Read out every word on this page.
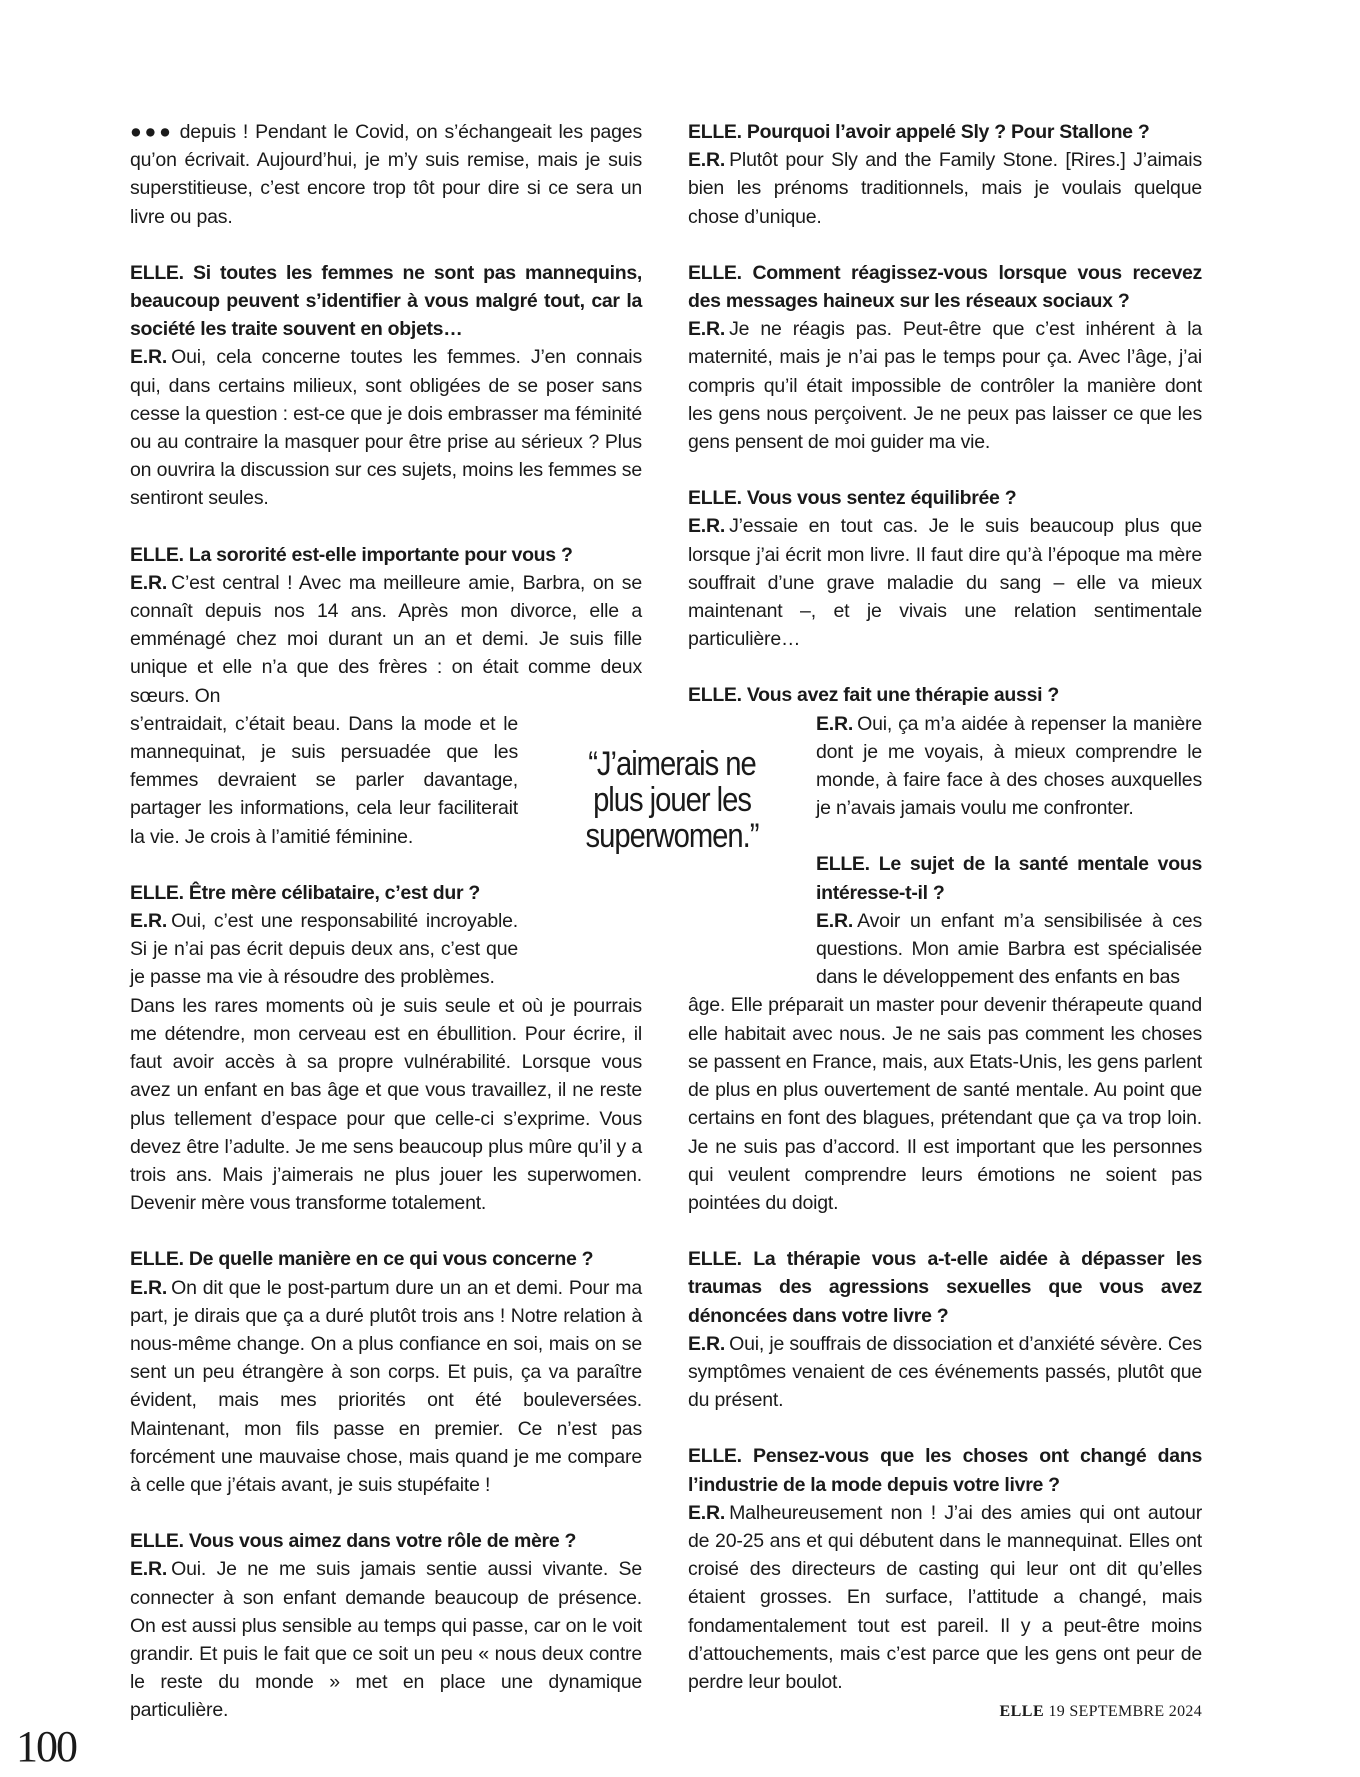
●●● depuis ! Pendant le Covid, on s’échangeait les pages qu’on écrivait. Aujourd’hui, je m’y suis remise, mais je suis superstitieuse, c’est encore trop tôt pour dire si ce sera un livre ou pas.

ELLE. Si toutes les femmes ne sont pas mannequins, beaucoup peuvent s’identifier à vous malgré tout, car la société les traite souvent en objets…
E.R. Oui, cela concerne toutes les femmes. J’en connais qui, dans certains milieux, sont obligées de se poser sans cesse la question : est-ce que je dois embrasser ma féminité ou au contraire la masquer pour être prise au sérieux ? Plus on ouvrira la discussion sur ces sujets, moins les femmes se sentiront seules.

ELLE. La sororité est-elle importante pour vous ?
E.R. C’est central ! Avec ma meilleure amie, Barbra, on se connaît depuis nos 14 ans. Après mon divorce, elle a emménagé chez moi durant un an et demi. Je suis fille unique et elle n’a que des frères : on était comme deux sœurs. On

s’entraidait, c’était beau. Dans la mode et le mannequinat, je suis persuadée que les femmes devraient se parler davantage, partager les informations, cela leur faciliterait la vie. Je crois à l’amitié féminine.

ELLE. Être mère célibataire, c’est dur ?
E.R. Oui, c’est une responsabilité incroyable. Si je n’ai pas écrit depuis deux ans, c’est que je passe ma vie à résoudre des problèmes.

Dans les rares moments où je suis seule et où je pourrais me détendre, mon cerveau est en ébullition. Pour écrire, il faut avoir accès à sa propre vulnérabilité. Lorsque vous avez un enfant en bas âge et que vous travaillez, il ne reste plus tellement d’espace pour que celle-ci s’exprime. Vous devez être l’adulte. Je me sens beaucoup plus mûre qu’il y a trois ans. Mais j’aimerais ne plus jouer les superwomen. Devenir mère vous transforme totalement.

ELLE. De quelle manière en ce qui vous concerne ?
E.R. On dit que le post-partum dure un an et demi. Pour ma part, je dirais que ça a duré plutôt trois ans ! Notre relation à nous-même change. On a plus confiance en soi, mais on se sent un peu étrangère à son corps. Et puis, ça va paraître évident, mais mes priorités ont été bouleversées. Maintenant, mon fils passe en premier. Ce n’est pas forcément une mauvaise chose, mais quand je me compare à celle que j’étais avant, je suis stupéfaite !

ELLE. Vous vous aimez dans votre rôle de mère ?
E.R. Oui. Je ne me suis jamais sentie aussi vivante. Se connecter à son enfant demande beaucoup de présence. On est aussi plus sensible au temps qui passe, car on le voit grandir. Et puis le fait que ce soit un peu « nous deux contre le reste du monde » met en place une dynamique particulière.

“J’aimerais ne plus jouer les superwomen.”

ELLE. Pourquoi l’avoir appelé Sly ? Pour Stallone ?
E.R. Plutôt pour Sly and the Family Stone. [Rires.] J’aimais bien les prénoms traditionnels, mais je voulais quelque chose d’unique.

ELLE. Comment réagissez-vous lorsque vous recevez des messages haineux sur les réseaux sociaux ?
E.R. Je ne réagis pas. Peut-être que c’est inhérent à la maternité, mais je n’ai pas le temps pour ça. Avec l’âge, j’ai compris qu’il était impossible de contrôler la manière dont les gens nous perçoivent. Je ne peux pas laisser ce que les gens pensent de moi guider ma vie.

ELLE. Vous vous sentez équilibrée ?
E.R. J’essaie en tout cas. Je le suis beaucoup plus que lorsque j’ai écrit mon livre. Il faut dire qu’à l’époque ma mère souffrait d’une grave maladie du sang – elle va mieux maintenant –, et je vivais une relation sentimentale particulière…

ELLE. Vous avez fait une thérapie aussi ?

E.R. Oui, ça m’a aidée à repenser la manière dont je me voyais, à mieux comprendre le monde, à faire face à des choses auxquelles je n’avais jamais voulu me confronter.

ELLE. Le sujet de la santé mentale vous intéresse-t-il ?
E.R. Avoir un enfant m’a sensibilisée à ces questions. Mon amie Barbra est spécialisée dans le développement des enfants en bas

âge. Elle préparait un master pour devenir thérapeute quand elle habitait avec nous. Je ne sais pas comment les choses se passent en France, mais, aux Etats-Unis, les gens parlent de plus en plus ouvertement de santé mentale. Au point que certains en font des blagues, prétendant que ça va trop loin. Je ne suis pas d’accord. Il est important que les personnes qui veulent comprendre leurs émotions ne soient pas pointées du doigt.

ELLE. La thérapie vous a-t-elle aidée à dépasser les traumas des agressions sexuelles que vous avez dénoncées dans votre livre ?
E.R. Oui, je souffrais de dissociation et d’anxiété sévère. Ces symptômes venaient de ces événements passés, plutôt que du présent.

ELLE. Pensez-vous que les choses ont changé dans l’industrie de la mode depuis votre livre ?
E.R. Malheureusement non ! J’ai des amies qui ont autour de 20-25 ans et qui débutent dans le mannequinat. Elles ont croisé des directeurs de casting qui leur ont dit qu’elles étaient grosses. En surface, l’attitude a changé, mais fondamentalement tout est pareil. Il y a peut-être moins d’attouchements, mais c’est parce que les gens ont peur de perdre leur boulot.

100
ELLE 19 SEPTEMBRE 2024
